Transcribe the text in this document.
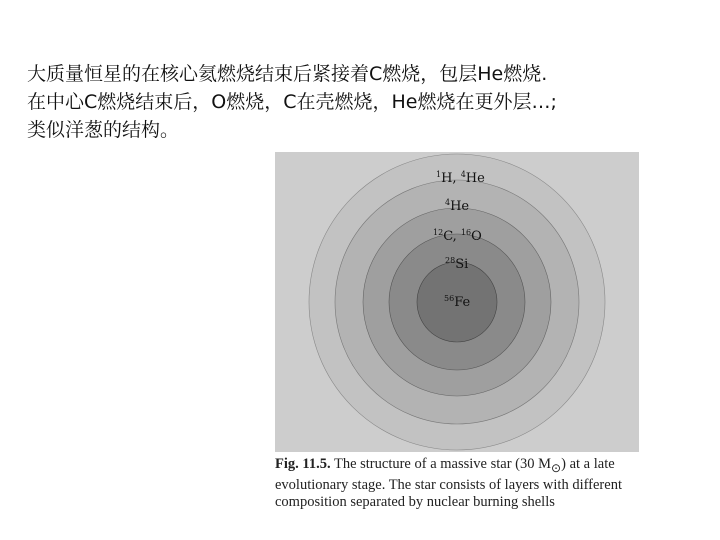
大质量恒星的在核心氦燃烧结束后紧接着C燃烧，包层He燃烧.
在中心C燃烧结束后，O燃烧，C在壳燃烧，He燃烧在更外层…;
类似洋葱的结构。
$^1$H, $^4$He
$^4$He
$^{12}$C, $^{16}$O
$^{28}$Si
$^{56}$Fe
Fig. 11.5. The structure of a massive star (30 $M_⊙$) at a late
evolutionary stage. The star consists of layers with different
composition separated by nuclear burning shells
